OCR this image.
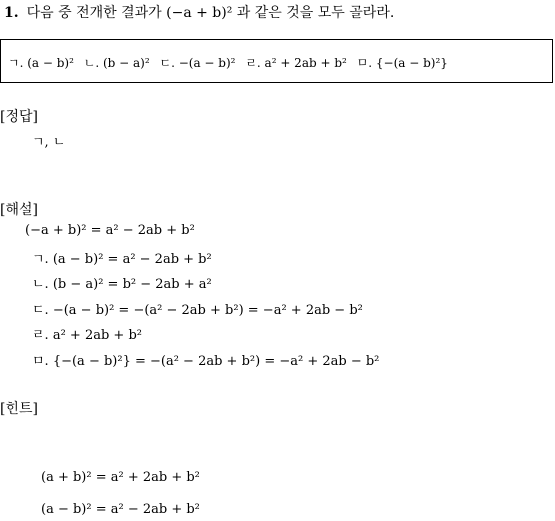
1. 다음 중 전개한 결과가 (−a + b)² 과 같은 것을 모두 골라라.
ㄱ. (a − b)² ㄴ. (b − a)² ㄷ. −(a − b)² ㄹ. a² + 2ab + b² ㅁ. {−(a − b)²}
[정답]
ㄱ, ㄴ
[해설]
(−a + b)² = a² − 2ab + b²
ㄱ. (a − b)² = a² − 2ab + b²
ㄴ. (b − a)² = b² − 2ab + a²
ㄷ. −(a − b)² = −(a² − 2ab + b²) = −a² + 2ab − b²
ㄹ. a² + 2ab + b²
ㅁ. {−(a − b)²} = −(a² − 2ab + b²) = −a² + 2ab − b²
[힌트]
(a + b)² = a² + 2ab + b²
(a − b)² = a² − 2ab + b²
